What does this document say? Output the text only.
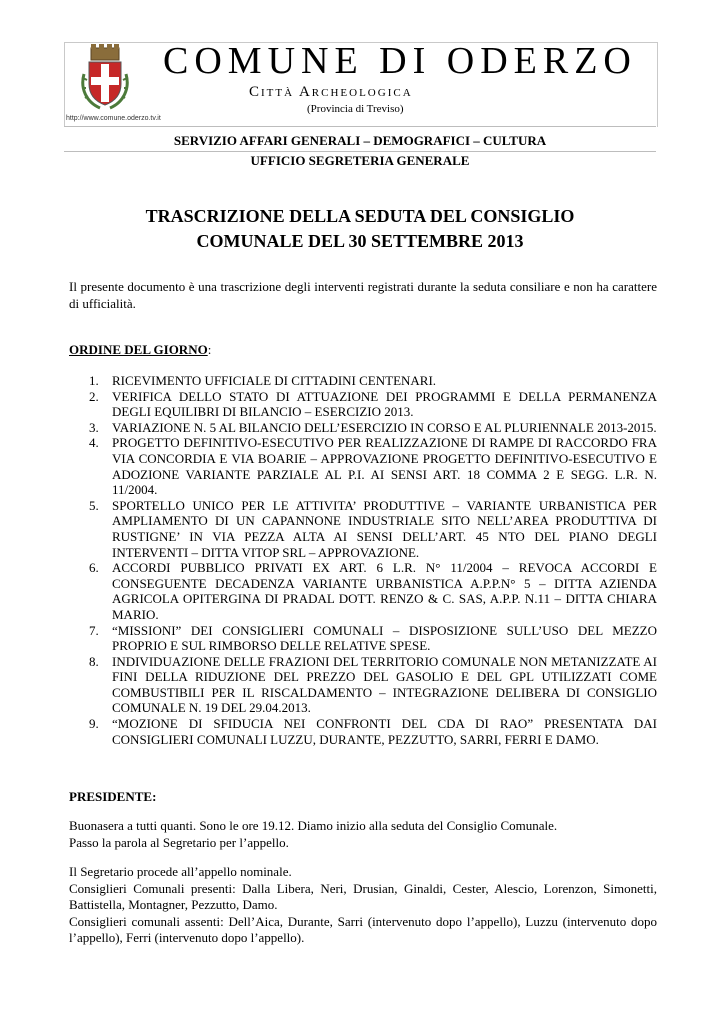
COMUNE DI ODERZO
Città Archeologica
(Provincia di Treviso)
http://www.comune.oderzo.tv.it
SERVIZIO AFFARI GENERALI – DEMOGRAFICI – CULTURA
UFFICIO SEGRETERIA GENERALE
TRASCRIZIONE DELLA SEDUTA DEL CONSIGLIO
COMUNALE DEL 30 SETTEMBRE 2013
Il presente documento è una trascrizione degli interventi registrati durante la seduta consiliare e non ha carattere di ufficialità.
ORDINE DEL GIORNO:
1. RICEVIMENTO UFFICIALE DI CITTADINI CENTENARI.
2. VERIFICA DELLO STATO DI ATTUAZIONE DEI PROGRAMMI E DELLA PERMANENZA DEGLI EQUILIBRI DI BILANCIO – ESERCIZIO 2013.
3. VARIAZIONE N. 5 AL BILANCIO DELL’ESERCIZIO IN CORSO E AL PLURIENNALE 2013-2015.
4. PROGETTO DEFINITIVO-ESECUTIVO PER REALIZZAZIONE DI RAMPE DI RACCORDO FRA VIA CONCORDIA E VIA BOARIE – APPROVAZIONE PROGETTO DEFINITIVO-ESECUTIVO E ADOZIONE VARIANTE PARZIALE AL P.I. AI SENSI ART. 18 COMMA 2 E SEGG. L.R. N. 11/2004.
5. SPORTELLO UNICO PER LE ATTIVITA’ PRODUTTIVE – VARIANTE URBANISTICA PER AMPLIAMENTO DI UN CAPANNONE INDUSTRIALE SITO NELL’AREA PRODUTTIVA DI RUSTIGNE’ IN VIA PEZZA ALTA AI SENSI DELL’ART. 45 NTO DEL PIANO DEGLI INTERVENTI – DITTA VITOP SRL – APPROVAZIONE.
6. ACCORDI PUBBLICO PRIVATI EX ART. 6 L.R. N° 11/2004 – REVOCA ACCORDI E CONSEGUENTE DECADENZA VARIANTE URBANISTICA A.P.P.N° 5 – DITTA AZIENDA AGRICOLA OPITERGINA DI PRADAL DOTT. RENZO & C. SAS, A.P.P. N.11 – DITTA CHIARA MARIO.
7. “MISSIONI” DEI CONSIGLIERI COMUNALI – DISPOSIZIONE SULL’USO DEL MEZZO PROPRIO E SUL RIMBORSO DELLE RELATIVE SPESE.
8. INDIVIDUAZIONE DELLE FRAZIONI DEL TERRITORIO COMUNALE NON METANIZZATE AI FINI DELLA RIDUZIONE DEL PREZZO DEL GASOLIO E DEL GPL UTILIZZATI COME COMBUSTIBILI PER IL RISCALDAMENTO – INTEGRAZIONE DELIBERA DI CONSIGLIO COMUNALE N. 19 DEL 29.04.2013.
9. “MOZIONE DI SFIDUCIA NEI CONFRONTI DEL CDA DI RAO” PRESENTATA DAI CONSIGLIERI COMUNALI LUZZU, DURANTE, PEZZUTTO, SARRI, FERRI E DAMO.
PRESIDENTE:
Buonasera a tutti quanti. Sono le ore 19.12. Diamo inizio alla seduta del Consiglio Comunale.
Passo la parola al Segretario per l’appello.
Il Segretario procede all’appello nominale.
Consiglieri Comunali presenti: Dalla Libera, Neri, Drusian, Ginaldi, Cester, Alescio, Lorenzon, Simonetti, Battistella, Montagner, Pezzutto, Damo.
Consiglieri comunali assenti: Dell’Aica, Durante, Sarri (intervenuto dopo l’appello), Luzzu (intervenuto dopo l’appello), Ferri (intervenuto dopo l’appello).
